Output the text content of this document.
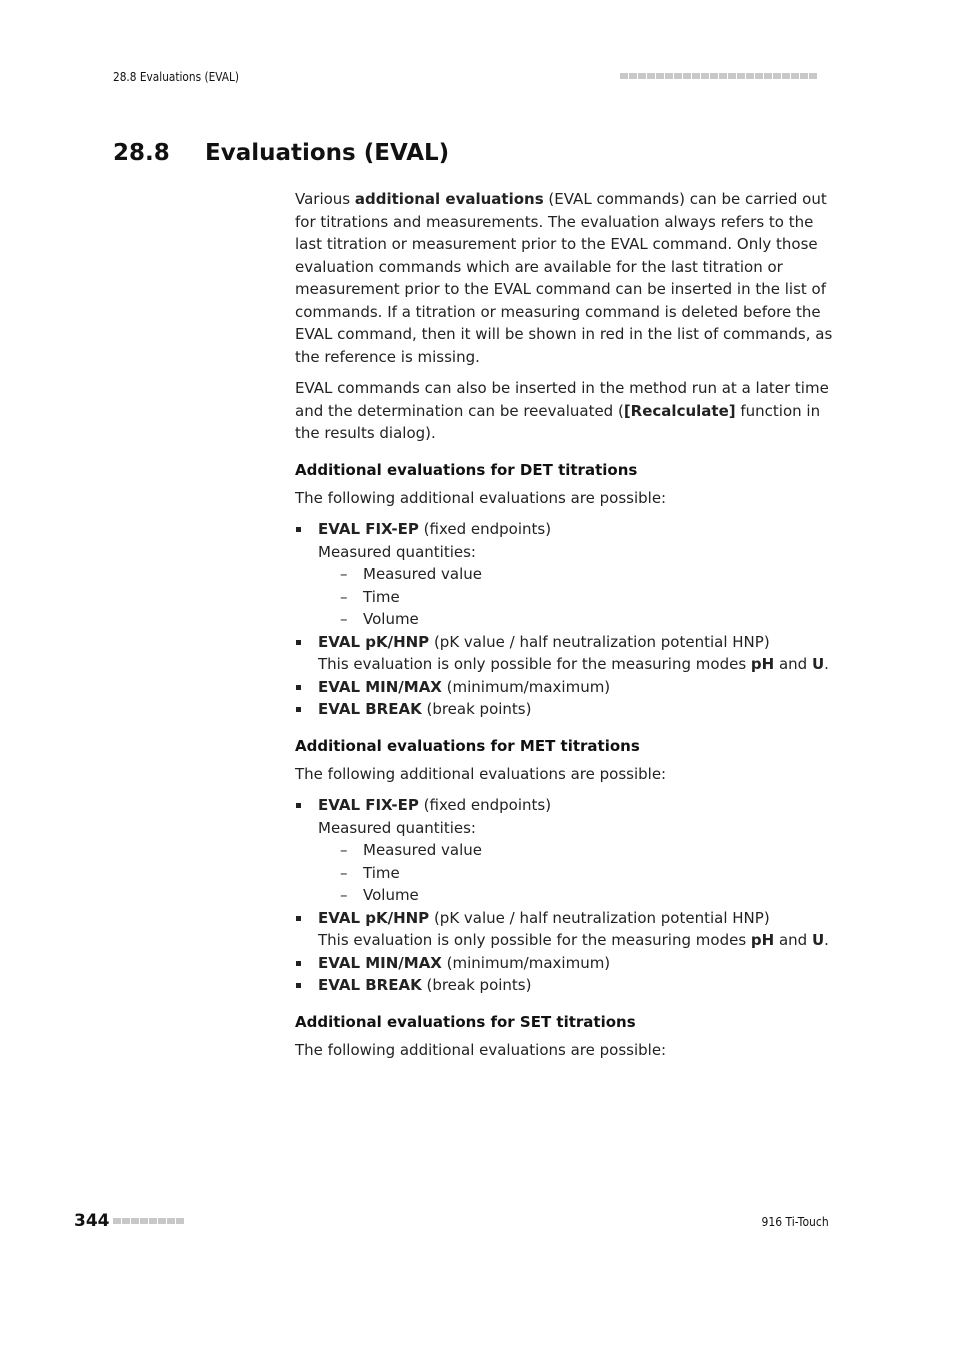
28.8 Evaluations (EVAL)
28.8 Evaluations (EVAL)

Various additional evaluations (EVAL commands) can be carried out for titrations and measurements. The evaluation always refers to the last titration or measurement prior to the EVAL command. Only those evaluation commands which are available for the last titration or measurement prior to the EVAL command can be inserted in the list of commands. If a titration or measuring command is deleted before the EVAL command, then it will be shown in red in the list of commands, as the reference is missing.

EVAL commands can also be inserted in the method run at a later time and the determination can be reevaluated ([Recalculate] function in the results dialog).

Additional evaluations for DET titrations

The following additional evaluations are possible:

EVAL FIX-EP (fixed endpoints)
Measured quantities:
– Measured value
– Time
– Volume
EVAL pK/HNP (pK value / half neutralization potential HNP)
This evaluation is only possible for the measuring modes pH and U.
EVAL MIN/MAX (minimum/maximum)
EVAL BREAK (break points)
Additional evaluations for MET titrations

The following additional evaluations are possible:

EVAL FIX-EP (fixed endpoints)
Measured quantities:
– Measured value
– Time
– Volume
EVAL pK/HNP (pK value / half neutralization potential HNP)
This evaluation is only possible for the measuring modes pH and U.
EVAL MIN/MAX (minimum/maximum)
EVAL BREAK (break points)
Additional evaluations for SET titrations

The following additional evaluations are possible:

344	916 Ti-Touch
